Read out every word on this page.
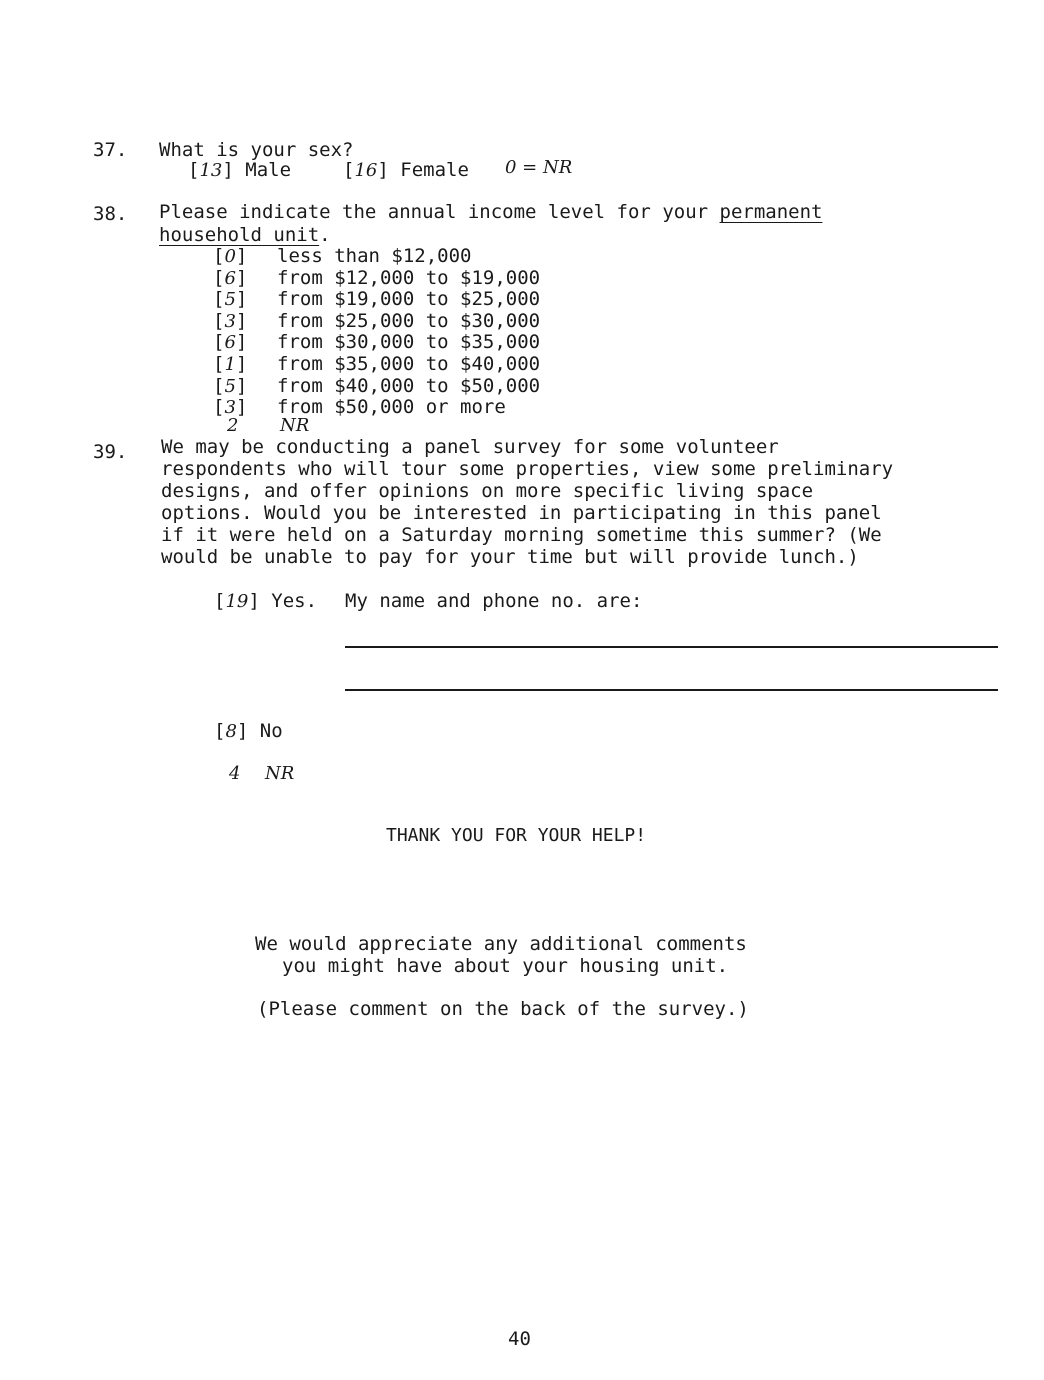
37. What is your sex?
[13] Male	[16] Female 0 = NR
38. Please indicate the annual income level for your permanent
household unit.
[0] less than $12,000
[6] from $12,000 to $19,000
[5] from $19,000 to $25,000
[3] from $25,000 to $30,000
[6] from $30,000 to $35,000
[1] from $35,000 to $40,000
[5] from $40,000 to $50,000
[3] from $50,000 or more
2 NR
39. We may be conducting a panel survey for some volunteer
respondents who will tour some properties, view some preliminary
designs, and offer opinions on more specific living space
options. Would you be interested in participating in this panel
if it were held on a Saturday morning sometime this summer? (We
would be unable to pay for your time but will provide lunch.)
[19] Yes. My name and phone no. are:
[8] No
4 NR
THANK YOU FOR YOUR HELP!
We would appreciate any additional comments
you might have about your housing unit.
(Please comment on the back of the survey.)
40
